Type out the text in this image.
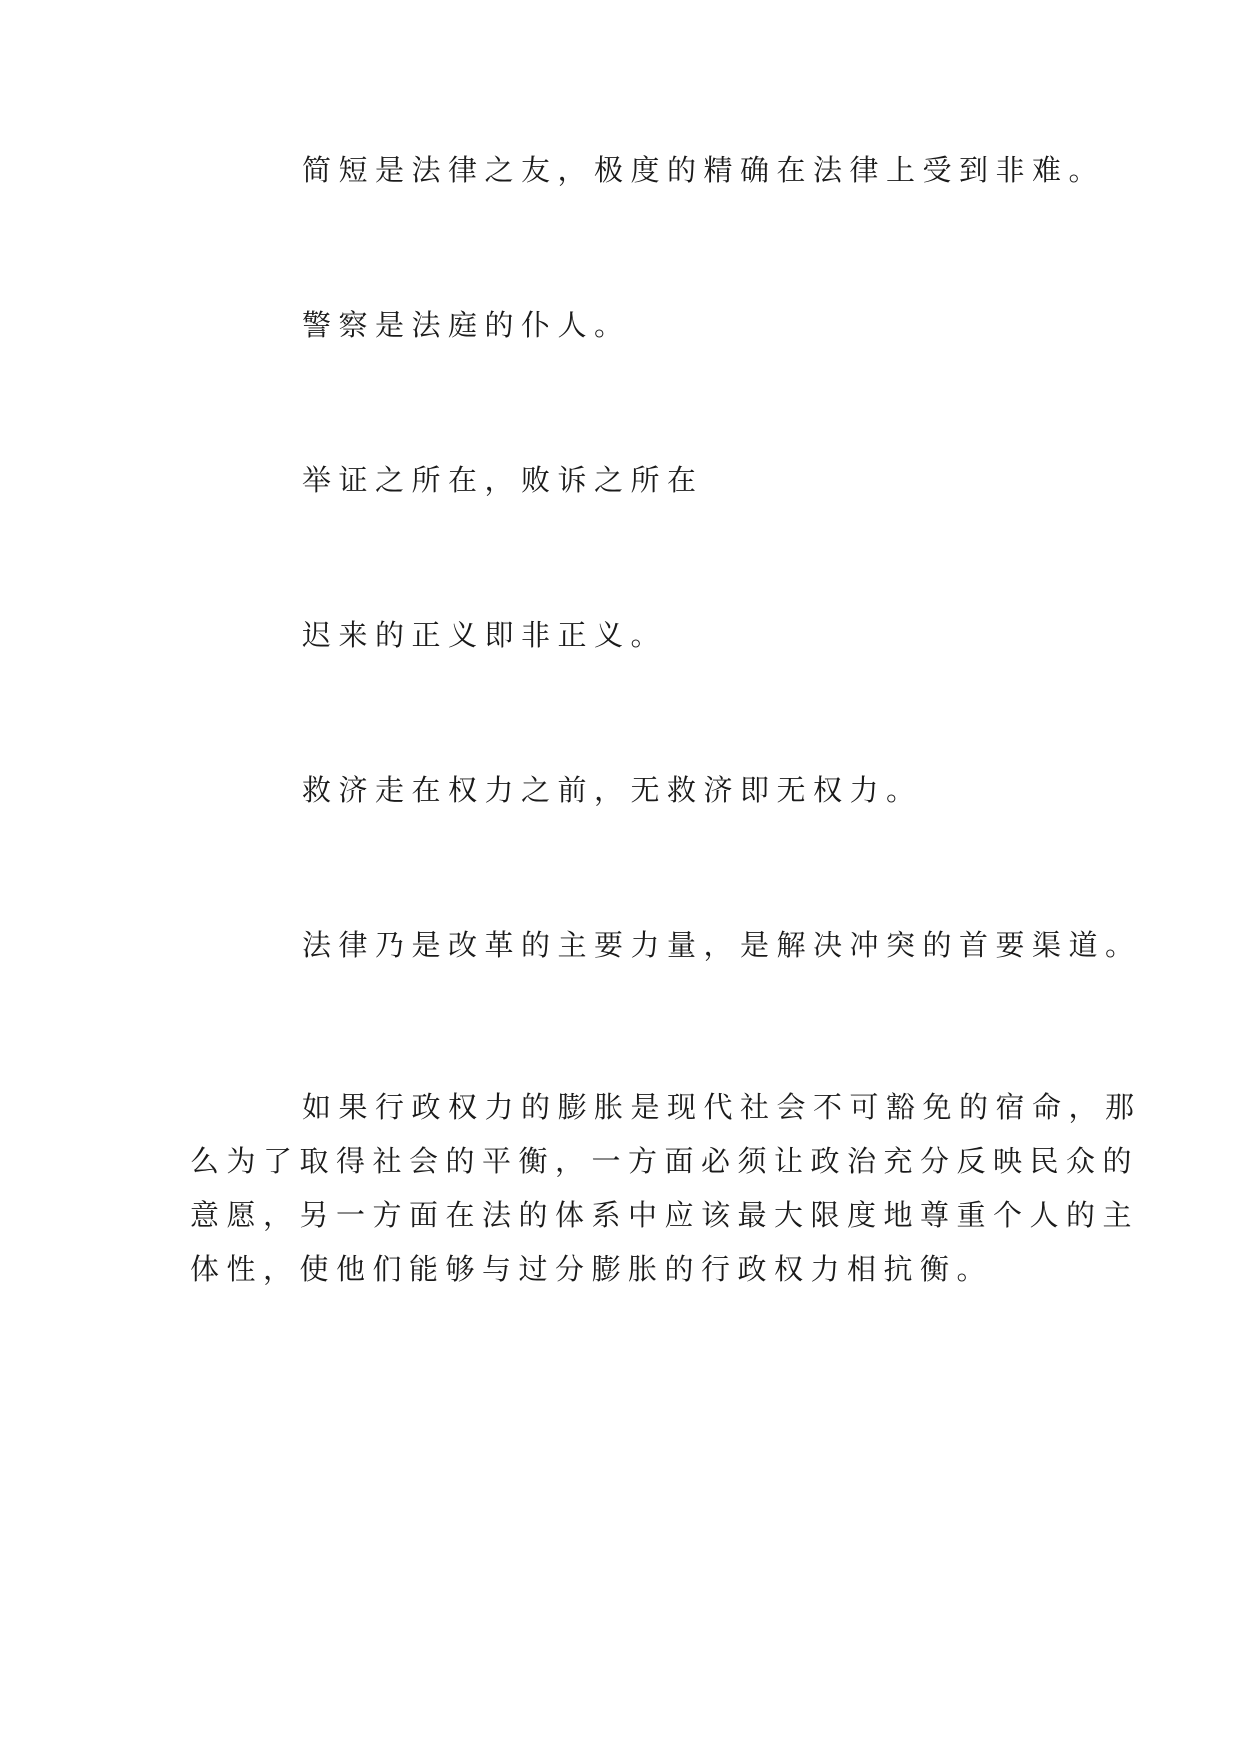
简短是法律之友，极度的精确在法律上受到非难。

警察是法庭的仆人。

举证之所在，败诉之所在

迟来的正义即非正义。

救济走在权力之前，无救济即无权力。

法律乃是改革的主要力量，是解决冲突的首要渠道。

如果行政权力的膨胀是现代社会不可豁免的宿命，那
么为了取得社会的平衡，一方面必须让政治充分反映民众的
意愿，另一方面在法的体系中应该最大限度地尊重个人的主
体性，使他们能够与过分膨胀的行政权力相抗衡。
